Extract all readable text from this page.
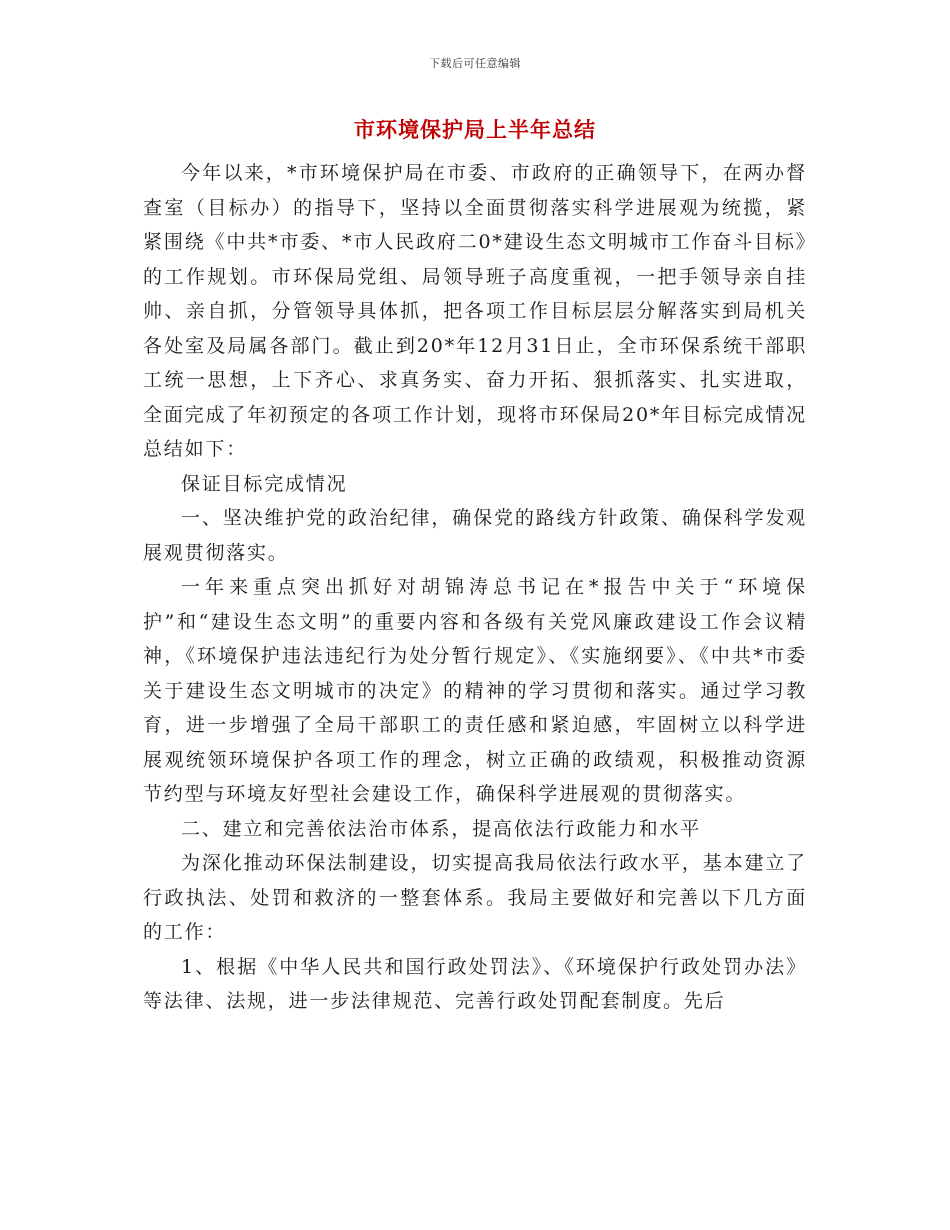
下载后可任意编辑
市环境保护局上半年总结

今年以来，*市环境保护局在市委、市政府的正确领导下，在两办督查室（目标办）的指导下，坚持以全面贯彻落实科学进展观为统揽，紧紧围绕《中共*市委、*市人民政府二0*建设生态文明城市工作奋斗目标》的工作规划。市环保局党组、局领导班子高度重视，一把手领导亲自挂帅、亲自抓，分管领导具体抓，把各项工作目标层层分解落实到局机关各处室及局属各部门。截止到20*年12月31日止，全市环保系统干部职工统一思想，上下齐心、求真务实、奋力开拓、狠抓落实、扎实进取，全面完成了年初预定的各项工作计划，现将市环保局20*年目标完成情况总结如下：

保证目标完成情况

一、坚决维护党的政治纪律，确保党的路线方针政策、确保科学发观展观贯彻落实。

一年来重点突出抓好对胡锦涛总书记在*报告中关于“环境保护”和“建设生态文明”的重要内容和各级有关党风廉政建设工作会议精神，《环境保护违法违纪行为处分暂行规定》、《实施纲要》、《中共*市委关于建设生态文明城市的决定》的精神的学习贯彻和落实。通过学习教育，进一步增强了全局干部职工的责任感和紧迫感，牢固树立以科学进展观统领环境保护各项工作的理念，树立正确的政绩观，积极推动资源节约型与环境友好型社会建设工作，确保科学进展观的贯彻落实。

二、建立和完善依法治市体系，提高依法行政能力和水平

为深化推动环保法制建设，切实提高我局依法行政水平，基本建立了行政执法、处罚和救济的一整套体系。我局主要做好和完善以下几方面的工作：

1、根据《中华人民共和国行政处罚法》、《环境保护行政处罚办法》等法律、法规，进一步法律规范、完善行政处罚配套制度。先后
